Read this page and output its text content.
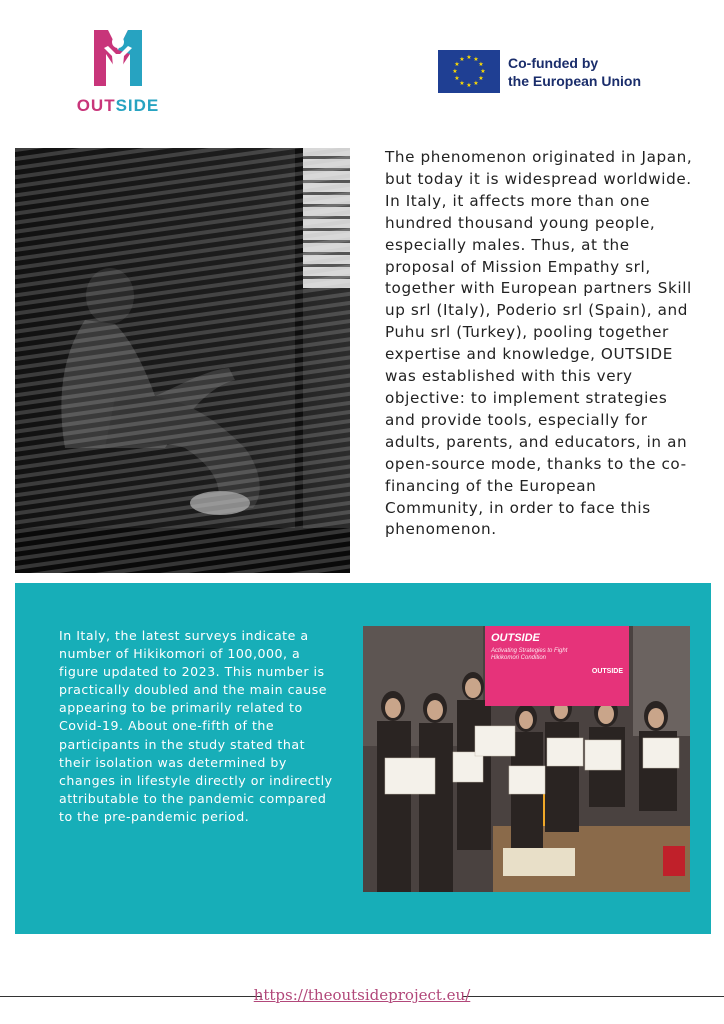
OUTSIDE
★ ★
★
★
★
★
★
★
★
★
★
★	Co-funded by
the European Union

The phenomenon originated in Japan, but today it is widespread worldwide. In Italy, it affects more than one hundred thousand young people, especially males. Thus, at the proposal of Mission Empathy srl, together with European partners Skill up srl (Italy), Poderio srl (Spain), and Puhu srl (Turkey), pooling together expertise and knowledge, OUTSIDE was established with this very objective: to implement strategies and provide tools, especially for adults, parents, and educators, in an open-source mode, thanks to the co-financing of the European Community, in order to face this phenomenon.

In Italy, the latest surveys indicate a number of Hikikomori of 100,000, a figure updated to 2023. This number is practically doubled and the main cause appearing to be primarily related to Covid-19. About one-fifth of the participants in the study stated that their isolation was determined by changes in lifestyle directly or indirectly attributable to the pandemic compared to the pre-pandemic period.

OUTSIDE
Activating Strategies to Fight Hikikomori Condition
OUTSIDE
https://theoutsideproject.eu/
